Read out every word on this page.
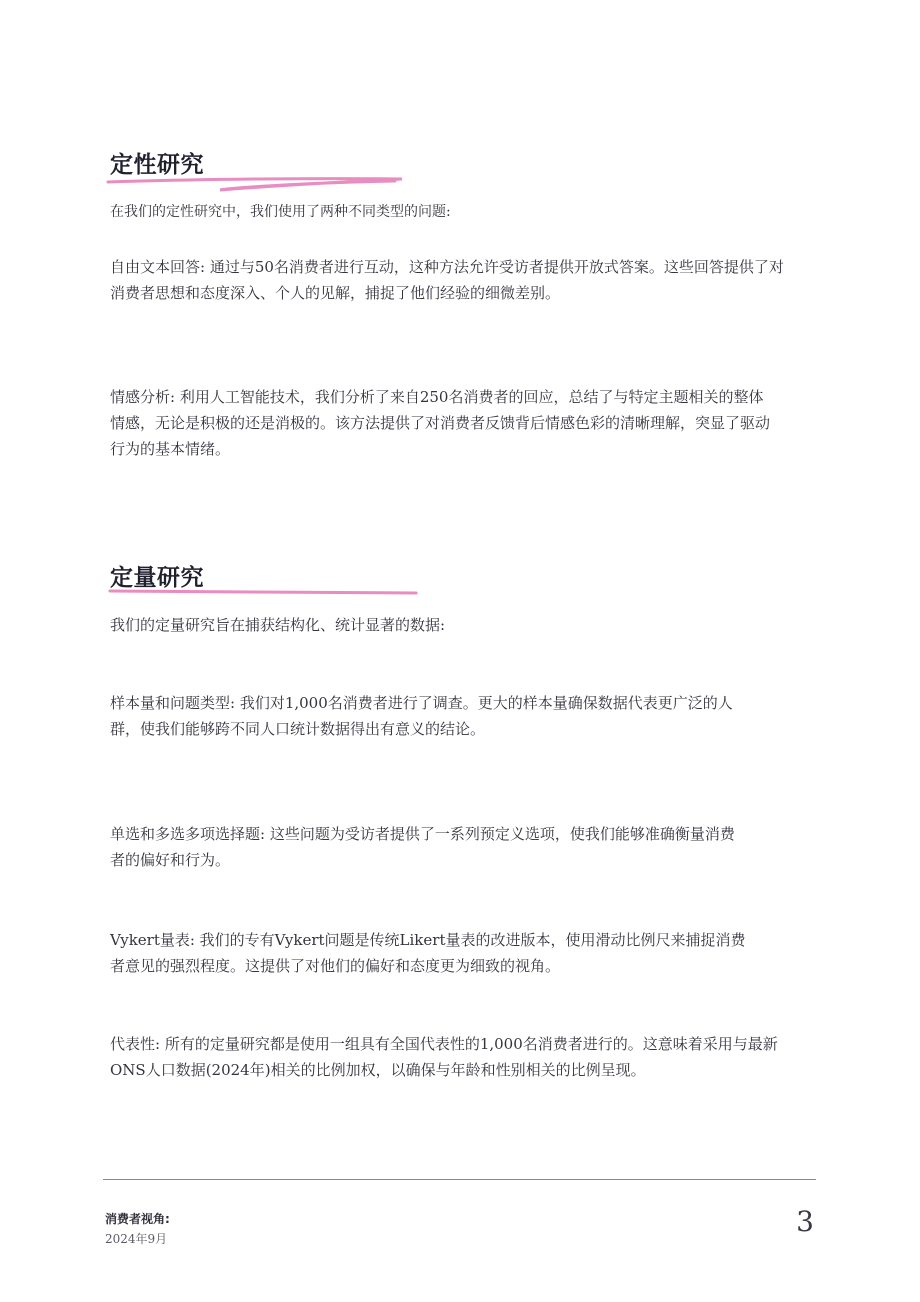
定性研究

在我们的定性研究中，我们使用了两种不同类型的问题:

自由文本回答: 通过与50名消费者进行互动，这种方法允许受访者提供开放式答案。这些回答提供了对消费者思想和态度深入、个人的见解，捕捉了他们经验的细微差别。

情感分析: 利用人工智能技术，我们分析了来自250名消费者的回应，总结了与特定主题相关的整体情感，无论是积极的还是消极的。该方法提供了对消费者反馈背后情感色彩的清晰理解，突显了驱动行为的基本情绪。

定量研究

我们的定量研究旨在捕获结构化、统计显著的数据:

样本量和问题类型: 我们对1,000名消费者进行了调查。更大的样本量确保数据代表更广泛的人群，使我们能够跨不同人口统计数据得出有意义的结论。

单选和多选多项选择题: 这些问题为受访者提供了一系列预定义选项，使我们能够准确衡量消费者的偏好和行为。

Vykert量表: 我们的专有Vykert问题是传统Likert量表的改进版本，使用滑动比例尺来捕捉消费者意见的强烈程度。这提供了对他们的偏好和态度更为细致的视角。

代表性: 所有的定量研究都是使用一组具有全国代表性的1,000名消费者进行的。这意味着采用与最新ONS人口数据(2024年)相关的比例加权，以确保与年龄和性别相关的比例呈现。

消费者视角:

2024年9月

3
